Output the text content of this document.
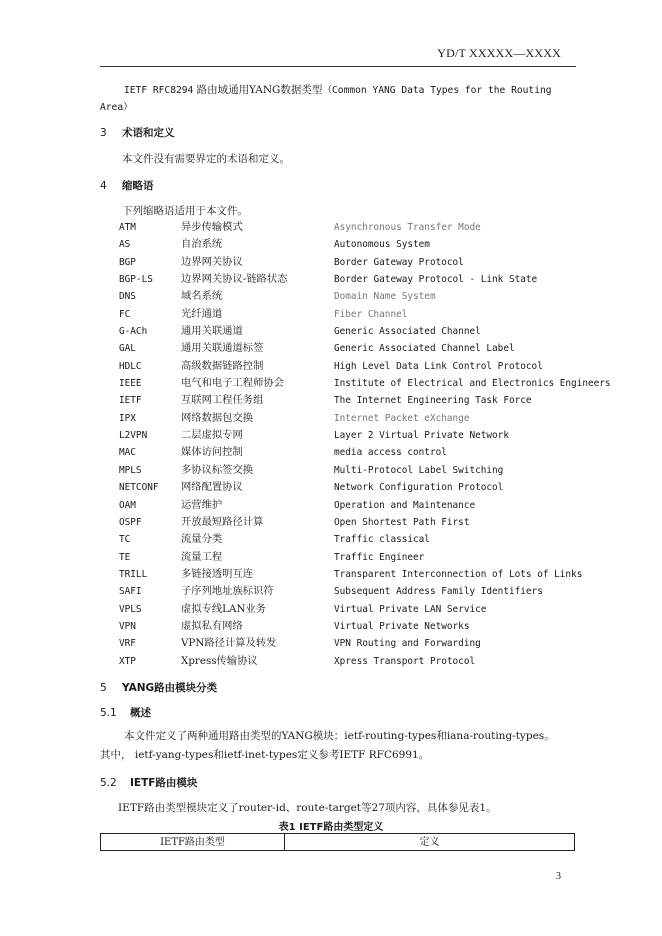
YD/T XXXXX—XXXX
IETF RFC8294 路由域通用YANG数据类型（Common YANG Data Types for the Routing Area）
3 术语和定义
本文件没有需要界定的术语和定义。
4 缩略语
下列缩略语适用于本文件。
ATM	异步传输模式	Asynchronous Transfer Mode
AS	自治系统	Autonomous System
BGP	边界网关协议	Border Gateway Protocol
BGP-LS	边界网关协议-链路状态	Border Gateway Protocol - Link State
DNS	域名系统	Domain Name System
FC	光纤通道	Fiber Channel
G-ACh	通用关联通道	Generic Associated Channel
GAL	通用关联通道标签	Generic Associated Channel Label
HDLC	高级数据链路控制	High Level Data Link Control Protocol
IEEE	电气和电子工程师协会	Institute of Electrical and Electronics Engineers
IETF	互联网工程任务组	The Internet Engineering Task Force
IPX	网络数据包交换	Internet Packet eXchange
L2VPN	二层虚拟专网	Layer 2 Virtual Private Network
MAC	媒体访问控制	media access control
MPLS	多协议标签交换	Multi-Protocol Label Switching
NETCONF 网络配置协议	Network Configuration Protocol
OAM	运营维护	Operation and Maintenance
OSPF	开放最短路径计算	Open Shortest Path First
TC	流量分类	Traffic classical
TE	流量工程	Traffic Engineer
TRILL	多链接透明互连	Transparent Interconnection of Lots of Links
SAFI	子序列地址族标识符	Subsequent Address Family Identifiers
VPLS	虚拟专线LAN业务	Virtual Private LAN Service
VPN	虚拟私有网络	Virtual Private Networks
VRF	VPN路径计算及转发	VPN Routing and Forwarding
XTP	Xpress传输协议	Xpress Transport Protocol
5 YANG路由模块分类
5.1 概述
本文件定义了两种通用路由类型的YANG模块：ietf-routing-types和iana-routing-types。其中， ietf-yang-types和ietf-inet-types定义参考IETF RFC6991。
5.2 IETF路由模块
IETF路由类型模块定义了router-id、route-target等27项内容，具体参见表1。
表1 IETF路由类型定义
IETF路由类型	定义
3
